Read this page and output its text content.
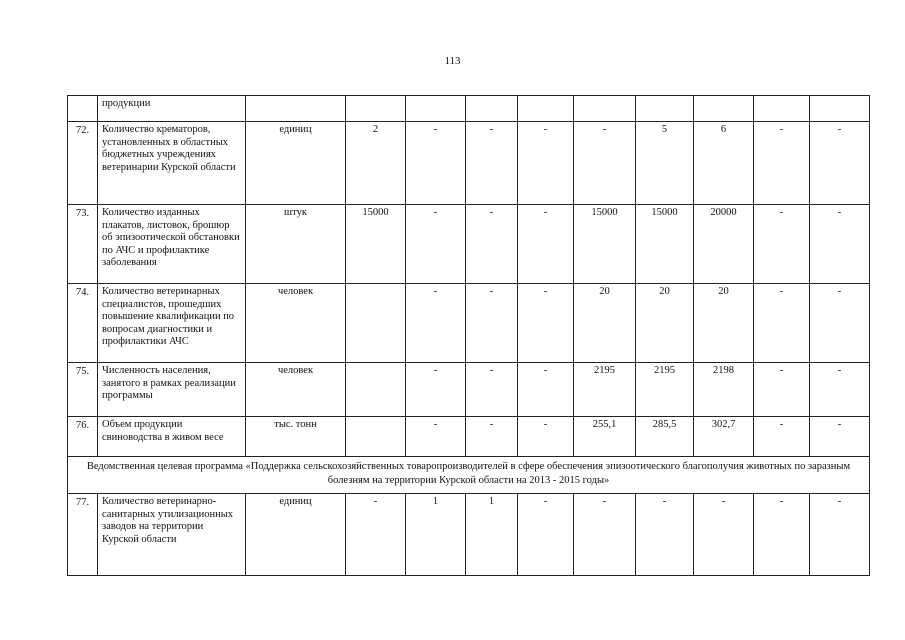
113
	продукции										
72.	Количество крематоров, установленных в областных бюджетных учреждениях ветеринарии Курской области	единиц	2	-	-	-	-	5	6	-	-
73.	Количество изданных плакатов, листовок, брошюр об эпизоотической обстановки по АЧС и профилактике заболевания	штук	15000	-	-	-	15000	15000	20000	-	-
74.	Количество ветеринарных специалистов, прошедших повышение квалификации по вопросам диагностики и профилактики АЧС	человек		-	-	-	20	20	20	-	-
75.	Численность населения, занятого в рамках реализации программы	человек		-	-	-	2195	2195	2198	-	-
76.	Объем продукции свиноводства в живом весе	тыс. тонн		-	-	-	255,1	285,5	302,7	-	-
Ведомственная целевая программа «Поддержка сельскохозяйственных товаропроизводителей в сфере обеспечения эпизоотического благополучия животных по заразным болезням на территории Курской области на 2013 - 2015 годы»											
77.	Количество ветеринарно-санитарных утилизационных заводов на территории Курской области	единиц	-	1	1	-	-	-	-	-	-
